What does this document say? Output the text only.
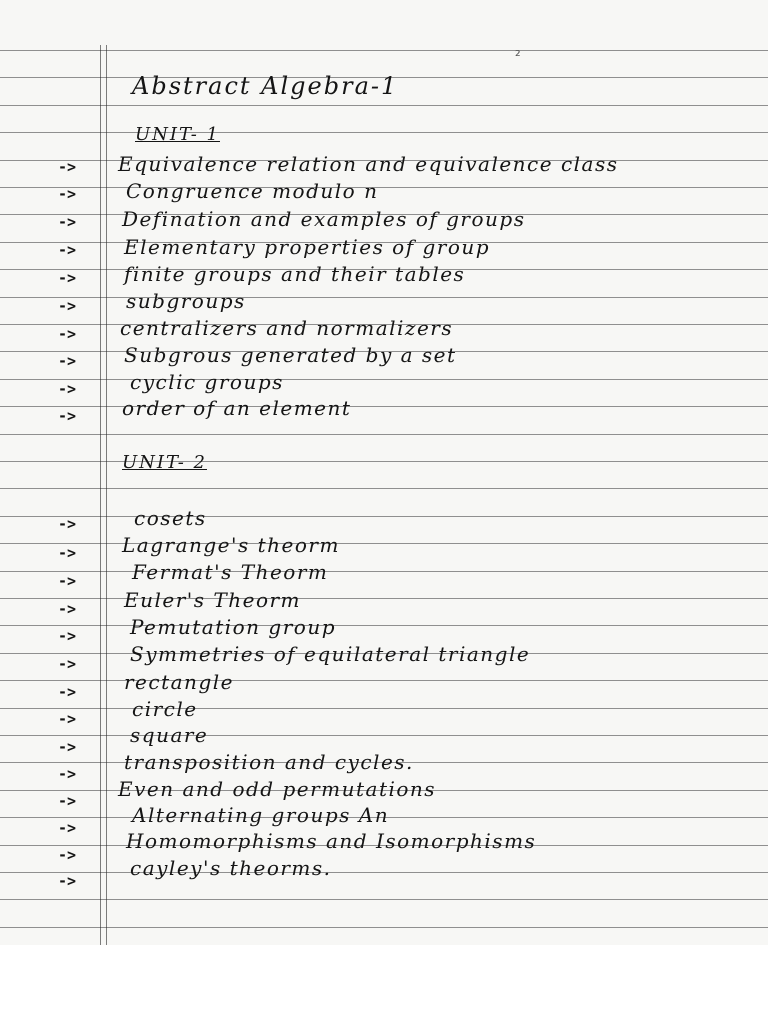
₂
Abstract Algebra-1
UNIT- 1
-> Equivalence relation and equivalence class
-> Congruence modulo n
-> Defination and examples of groups
-> Elementary properties of group
-> finite groups and their tables
-> subgroups
-> centralizers and normalizers
-> Subgrous generated by a set
->	cyclic groups
-> order of an element
UNIT- 2
->	cosets
-> Lagrange's theorm
->	Fermat's Theorm
-> Euler's Theorm
->	Pemutation group
->	Symmetries of equilateral triangle
-> rectangle
->	circle
->	square
-> transposition and cycles.
-> Even and odd permutations
->
Alternating groups An
->
Homomorphisms and Isomorphisms
->
cayley's theorms.
